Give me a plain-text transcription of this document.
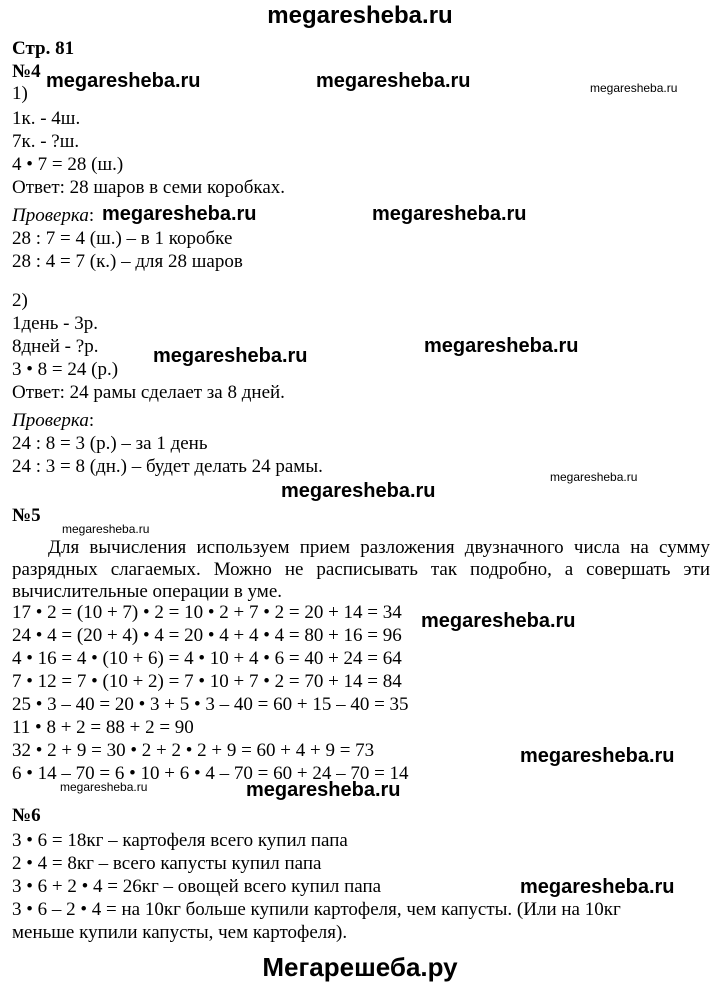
megaresheba.ru
Стр. 81
№4
1)
1к. - 4ш.
7к. - ?ш.
4 • 7 = 28 (ш.)
Ответ: 28 шаров в семи коробках.
Проверка:
28 : 7 = 4 (ш.) – в 1 коробке
28 : 4 = 7 (к.) – для 28 шаров
2)
1день - 3р.
8дней - ?р.
3 • 8 = 24 (р.)
Ответ: 24 рамы сделает за 8 дней.
Проверка:
24 : 8 = 3 (р.) – за 1 день
24 : 3 = 8 (дн.) – будет делать 24 рамы.
№5
Для вычисления используем прием разложения двузначного числа на сумму разрядных слагаемых. Можно не расписывать так подробно, а совершать эти вычислительные операции в уме.
17 • 2 = (10 + 7) • 2 = 10 • 2 + 7 • 2 = 20 + 14 = 34
24 • 4 = (20 + 4) • 4 = 20 • 4 + 4 • 4 = 80 + 16 = 96
4 • 16 = 4 • (10 + 6) = 4 • 10 + 4 • 6 = 40 + 24 = 64
7 • 12 = 7 • (10 + 2) = 7 • 10 + 7 • 2 = 70 + 14 = 84
25 • 3 – 40 = 20 • 3 + 5 • 3 – 40 = 60 + 15 – 40 = 35
11 • 8 + 2 = 88 + 2 = 90
32 • 2 + 9 = 30 • 2 + 2 • 2 + 9 = 60 + 4 + 9 = 73
6 • 14 – 70 = 6 • 10 + 6 • 4 – 70 = 60 + 24 – 70 = 14
№6
3 • 6 = 18кг – картофеля всего купил папа
2 • 4 = 8кг – всего капусты купил папа
3 • 6 + 2 • 4 = 26кг – овощей всего купил папа
3 • 6 – 2 • 4 = на 10кг больше купили картофеля, чем капусты. (Или на 10кг
меньше купили капусты, чем картофеля).
megaresheba.ru	megaresheba.ru	megaresheba.ru
megaresheba.ru	megaresheba.ru
megaresheba.ru	megaresheba.ru
megaresheba.ru
megaresheba.ru
megaresheba.ru
megaresheba.ru
megaresheba.ru
megaresheba.ru	megaresheba.ru
megaresheba.ru
Мегарешеба.ру
